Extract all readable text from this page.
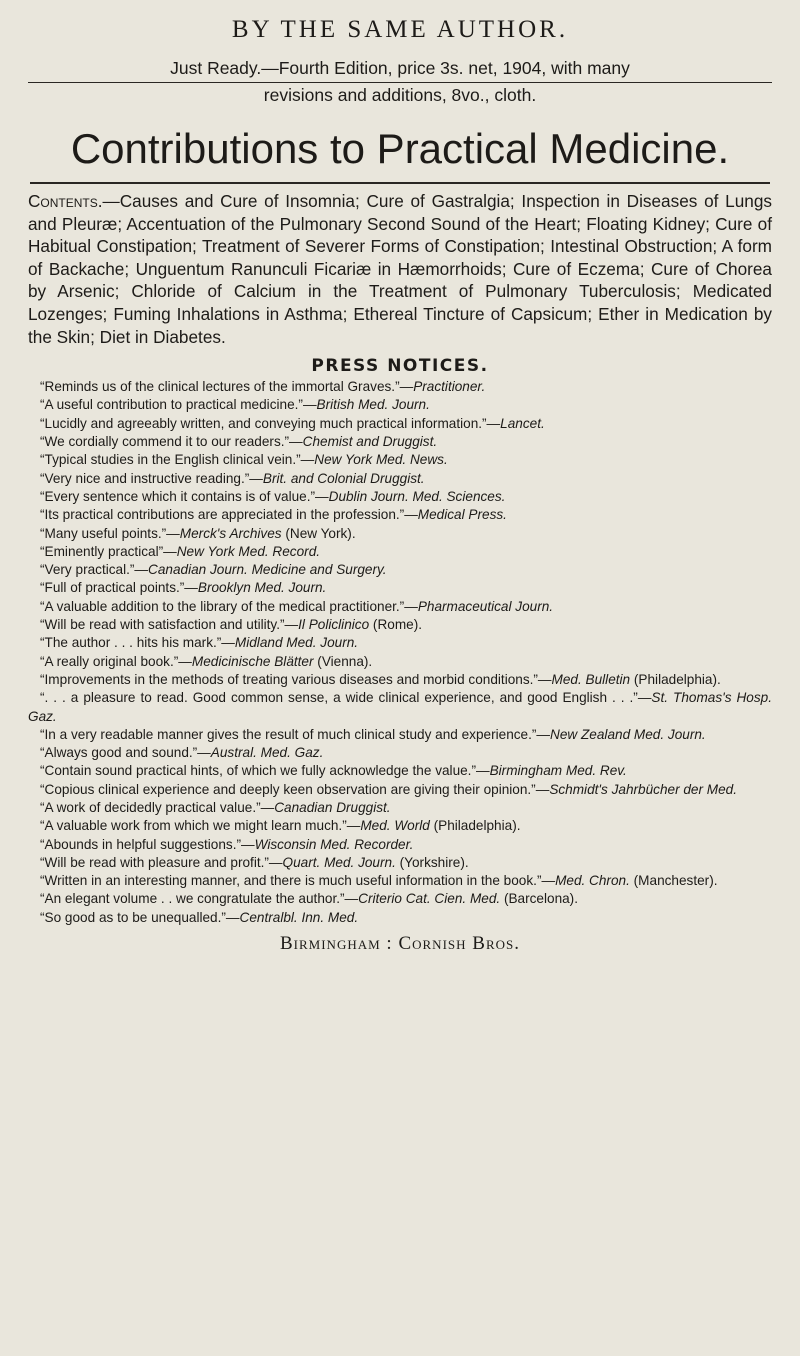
BY THE SAME AUTHOR.
Just Ready.—Fourth Edition, price 3s. net, 1904, with many
revisions and additions, 8vo., cloth.
Contributions to Practical Medicine.
Contents.—Causes and Cure of Insomnia; Cure of Gastralgia; Inspection in Diseases of Lungs and Pleuræ; Accentuation of the Pulmonary Second Sound of the Heart; Floating Kidney; Cure of Habitual Constipation; Treatment of Severer Forms of Constipation; Intestinal Obstruction; A form of Backache; Unguentum Ranunculi Ficariæ in Hæmorrhoids; Cure of Eczema; Cure of Chorea by Arsenic; Chloride of Calcium in the Treatment of Pulmonary Tuberculosis; Medicated Lozenges; Fuming Inhalations in Asthma; Ethereal Tincture of Capsicum; Ether in Medication by the Skin; Diet in Diabetes.
PRESS NOTICES.

“Reminds us of the clinical lectures of the immortal Graves.”—Practitioner.

“A useful contribution to practical medicine.”—British Med. Journ.

“Lucidly and agreeably written, and conveying much practical information.”—Lancet.

“We cordially commend it to our readers.”—Chemist and Druggist.

“Typical studies in the English clinical vein.”—New York Med. News.

“Very nice and instructive reading.”—Brit. and Colonial Druggist.

“Every sentence which it contains is of value.”—Dublin Journ. Med. Sciences.

“Its practical contributions are appreciated in the profession.”—Medical Press.

“Many useful points.”—Merck's Archives (New York).

“Eminently practical”—New York Med. Record.

“Very practical.”—Canadian Journ. Medicine and Surgery.

“Full of practical points.”—Brooklyn Med. Journ.

“A valuable addition to the library of the medical practitioner.”—Pharmaceutical Journ.

“Will be read with satisfaction and utility.”—Il Policlinico (Rome).

“The author . . . hits his mark.”—Midland Med. Journ.

“A really original book.”—Medicinische Blätter (Vienna).

“Improvements in the methods of treating various diseases and morbid conditions.”—Med. Bulletin (Philadelphia).

“. . . a pleasure to read. Good common sense, a wide clinical experience, and good English . . .”—St. Thomas's Hosp. Gaz.

“In a very readable manner gives the result of much clinical study and experience.”—New Zealand Med. Journ.

“Always good and sound.”—Austral. Med. Gaz.

“Contain sound practical hints, of which we fully acknowledge the value.”—Birmingham Med. Rev.

“Copious clinical experience and deeply keen observation are giving their opinion.”—Schmidt's Jahrbücher der Med.

“A work of decidedly practical value.”—Canadian Druggist.

“A valuable work from which we might learn much.”—Med. World (Philadelphia).

“Abounds in helpful suggestions.”—Wisconsin Med. Recorder.

“Will be read with pleasure and profit.”—Quart. Med. Journ. (Yorkshire).

“Written in an interesting manner, and there is much useful information in the book.”—Med. Chron. (Manchester).

“An elegant volume . . we congratulate the author.”—Criterio Cat. Cien. Med. (Barcelona).

“So good as to be unequalled.”—Centralbl. Inn. Med.

Birmingham : Cornish Bros.
